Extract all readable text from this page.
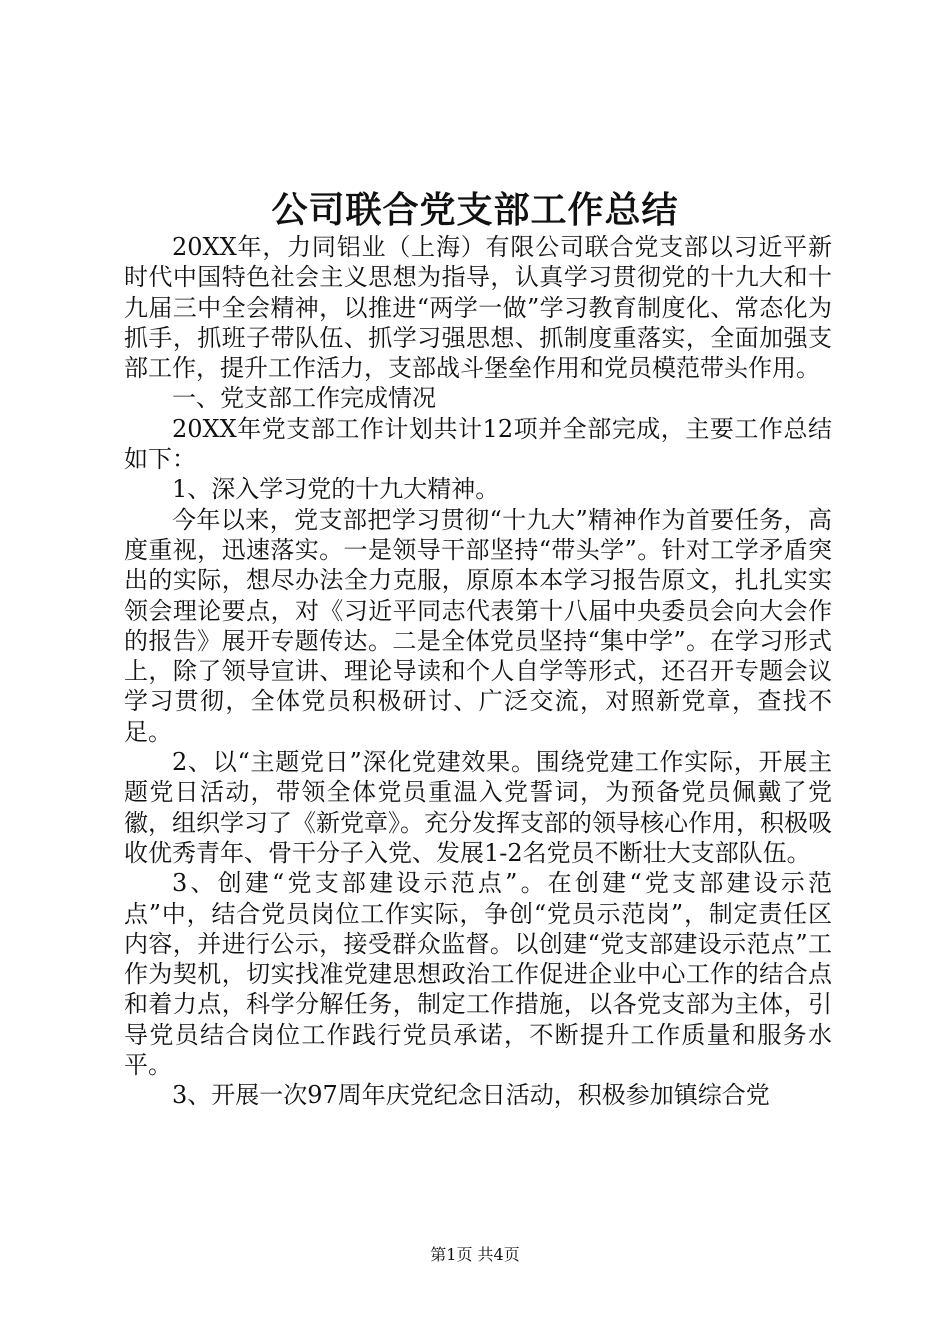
公司联合党支部工作总结

20XX年，力同铝业（上海）有限公司联合党支部以习近平新时代中国特色社会主义思想为指导，认真学习贯彻党的十九大和十九届三中全会精神，以推进“两学一做”学习教育制度化、常态化为抓手，抓班子带队伍、抓学习强思想、抓制度重落实，全面加强支部工作，提升工作活力，支部战斗堡垒作用和党员模范带头作用。

一、党支部工作完成情况

20XX年党支部工作计划共计12项并全部完成，主要工作总结如下：

1、深入学习党的十九大精神。

今年以来，党支部把学习贯彻“十九大”精神作为首要任务，高度重视，迅速落实。一是领导干部坚持“带头学”。针对工学矛盾突出的实际，想尽办法全力克服，原原本本学习报告原文，扎扎实实领会理论要点，对《习近平同志代表第十八届中央委员会向大会作的报告》展开专题传达。二是全体党员坚持“集中学”。在学习形式上，除了领导宣讲、理论导读和个人自学等形式，还召开专题会议学习贯彻，全体党员积极研讨、广泛交流，对照新党章，查找不足。

2、以“主题党日”深化党建效果。围绕党建工作实际，开展主题党日活动，带领全体党员重温入党誓词，为预备党员佩戴了党徽，组织学习了《新党章》。充分发挥支部的领导核心作用，积极吸收优秀青年、骨干分子入党、发展1-2名党员不断壮大支部队伍。

3、创建“党支部建设示范点”。在创建“党支部建设示范点”中，结合党员岗位工作实际，争创“党员示范岗”，制定责任区内容，并进行公示，接受群众监督。以创建“党支部建设示范点”工作为契机，切实找准党建思想政治工作促进企业中心工作的结合点和着力点，科学分解任务，制定工作措施，以各党支部为主体，引导党员结合岗位工作践行党员承诺，不断提升工作质量和服务水平。

3、开展一次97周年庆党纪念日活动，积极参加镇综合党

第1页 共4页
